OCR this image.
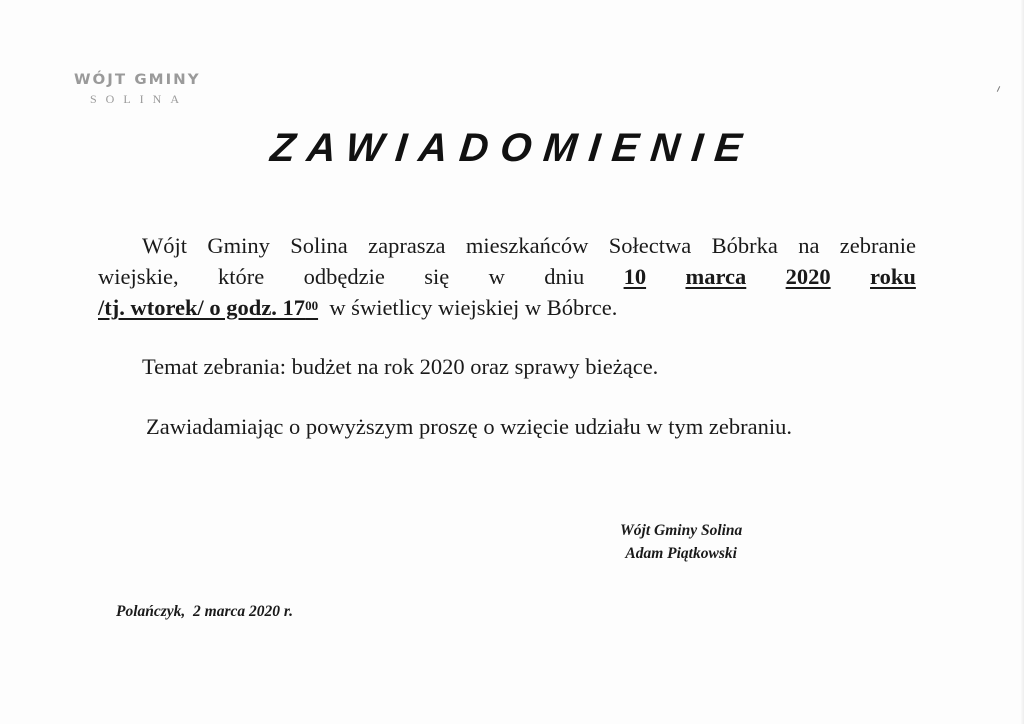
WÓJT GMINY
SOLINA
ZAWIADOMIENIE
Wójt Gminy Solina zaprasza mieszkańców Sołectwa Bóbrka na zebranie
wiejskie, które odbędzie się w dniu 10 marca 2020 roku
/tj. wtorek/ o godz. $17^{00}$ w świetlicy wiejskiej w Bóbrce.
Temat zebrania: budżet na rok 2020 oraz sprawy bieżące.
Zawiadamiając o powyższym proszę o wzięcie udziału w tym zebraniu.
Wójt Gminy Solina
Adam Piątkowski
Polańczyk,  2 marca 2020 r.
